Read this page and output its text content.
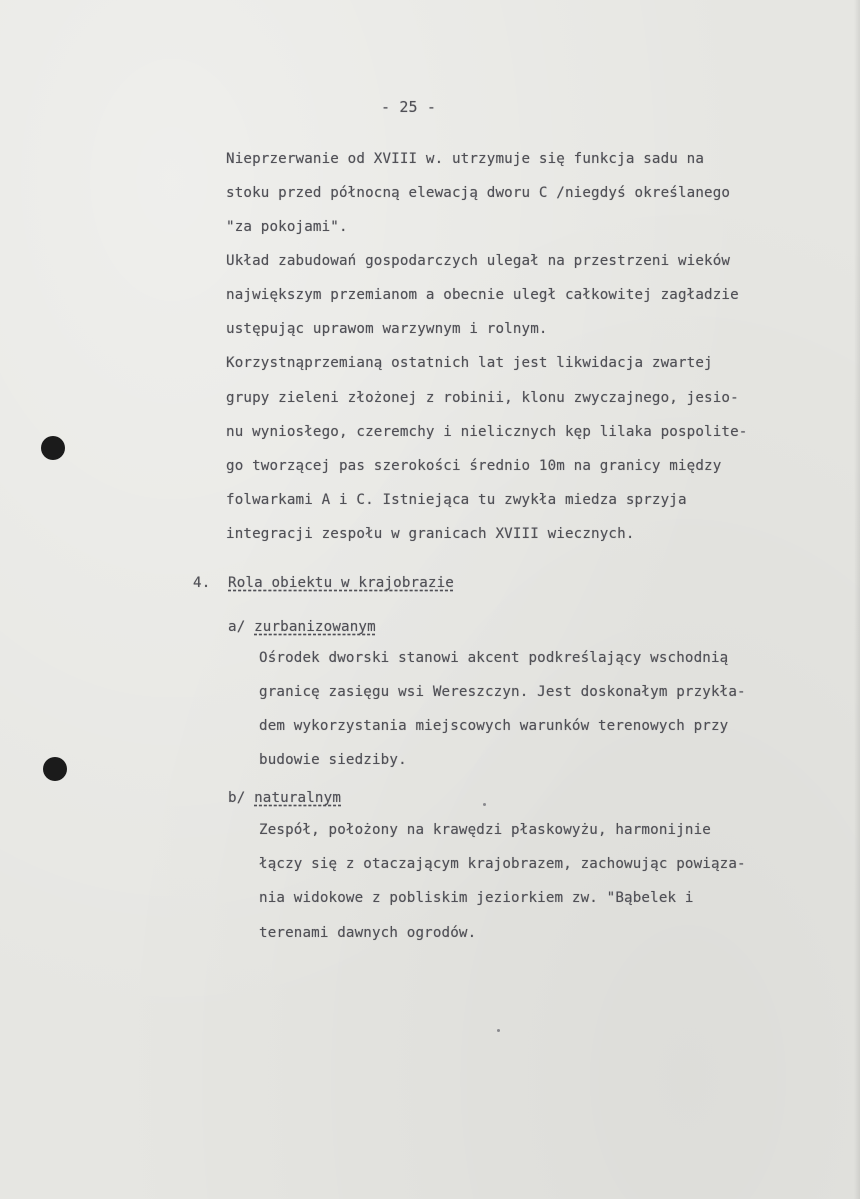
- 25 -
Nieprzerwanie od XVIII w. utrzymuje się funkcja sadu na
stoku przed północną elewacją dworu C /niegdyś określanego
"za pokojami".
Układ zabudowań gospodarczych ulegał na przestrzeni wieków
największym przemianom a obecnie uległ całkowitej zagładzie
ustępując uprawom warzywnym i rolnym.
Korzystnąprzemianą ostatnich lat jest likwidacja zwartej
grupy zieleni złożonej z robinii, klonu zwyczajnego, jesio-
nu wyniosłego, czeremchy i nielicznych kęp lilaka pospolite-
go tworzącej pas szerokości średnio 10m na granicy między
folwarkami A i C. Istniejąca tu zwykła miedza sprzyja
integracji zespołu w granicach XVIII wiecznych.
4. Rola obiektu w krajobrazie
a/ zurbanizowanym
Ośrodek dworski stanowi akcent podkreślający wschodnią
granicę zasięgu wsi Wereszczyn. Jest doskonałym przykła-
dem wykorzystania miejscowych warunków terenowych przy
budowie siedziby.
b/ naturalnym
Zespół, położony na krawędzi płaskowyżu, harmonijnie
łączy się z otaczającym krajobrazem, zachowując powiąza-
nia widokowe z pobliskim jeziorkiem zw. "Bąbelek i
terenami dawnych ogrodów.
